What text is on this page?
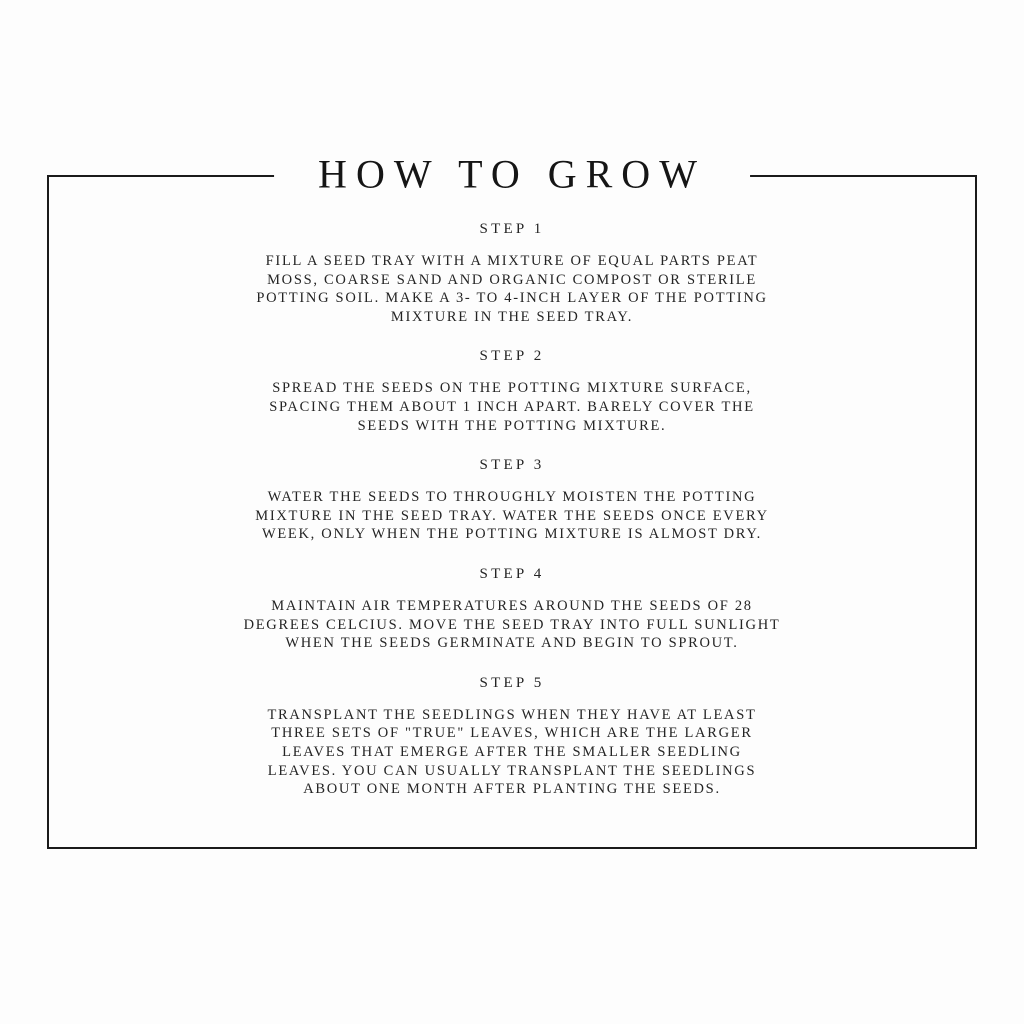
HOW TO GROW
STEP 1
FILL A SEED TRAY WITH A MIXTURE OF EQUAL PARTS PEAT
MOSS, COARSE SAND AND ORGANIC COMPOST OR STERILE
POTTING SOIL. MAKE A 3- TO 4-INCH LAYER OF THE POTTING
MIXTURE IN THE SEED TRAY.
STEP 2
SPREAD THE SEEDS ON THE POTTING MIXTURE SURFACE,
SPACING THEM ABOUT 1 INCH APART. BARELY COVER THE
SEEDS WITH THE POTTING MIXTURE.
STEP 3
WATER THE SEEDS TO THROUGHLY MOISTEN THE POTTING
MIXTURE IN THE SEED TRAY. WATER THE SEEDS ONCE EVERY
WEEK, ONLY WHEN THE POTTING MIXTURE IS ALMOST DRY.
STEP 4
MAINTAIN AIR TEMPERATURES AROUND THE SEEDS OF 28
DEGREES CELCIUS. MOVE THE SEED TRAY INTO FULL SUNLIGHT
WHEN THE SEEDS GERMINATE AND BEGIN TO SPROUT.
STEP 5
TRANSPLANT THE SEEDLINGS WHEN THEY HAVE AT LEAST
THREE SETS OF "TRUE" LEAVES, WHICH ARE THE LARGER
LEAVES THAT EMERGE AFTER THE SMALLER SEEDLING
LEAVES. YOU CAN USUALLY TRANSPLANT THE SEEDLINGS
ABOUT ONE MONTH AFTER PLANTING THE SEEDS.
